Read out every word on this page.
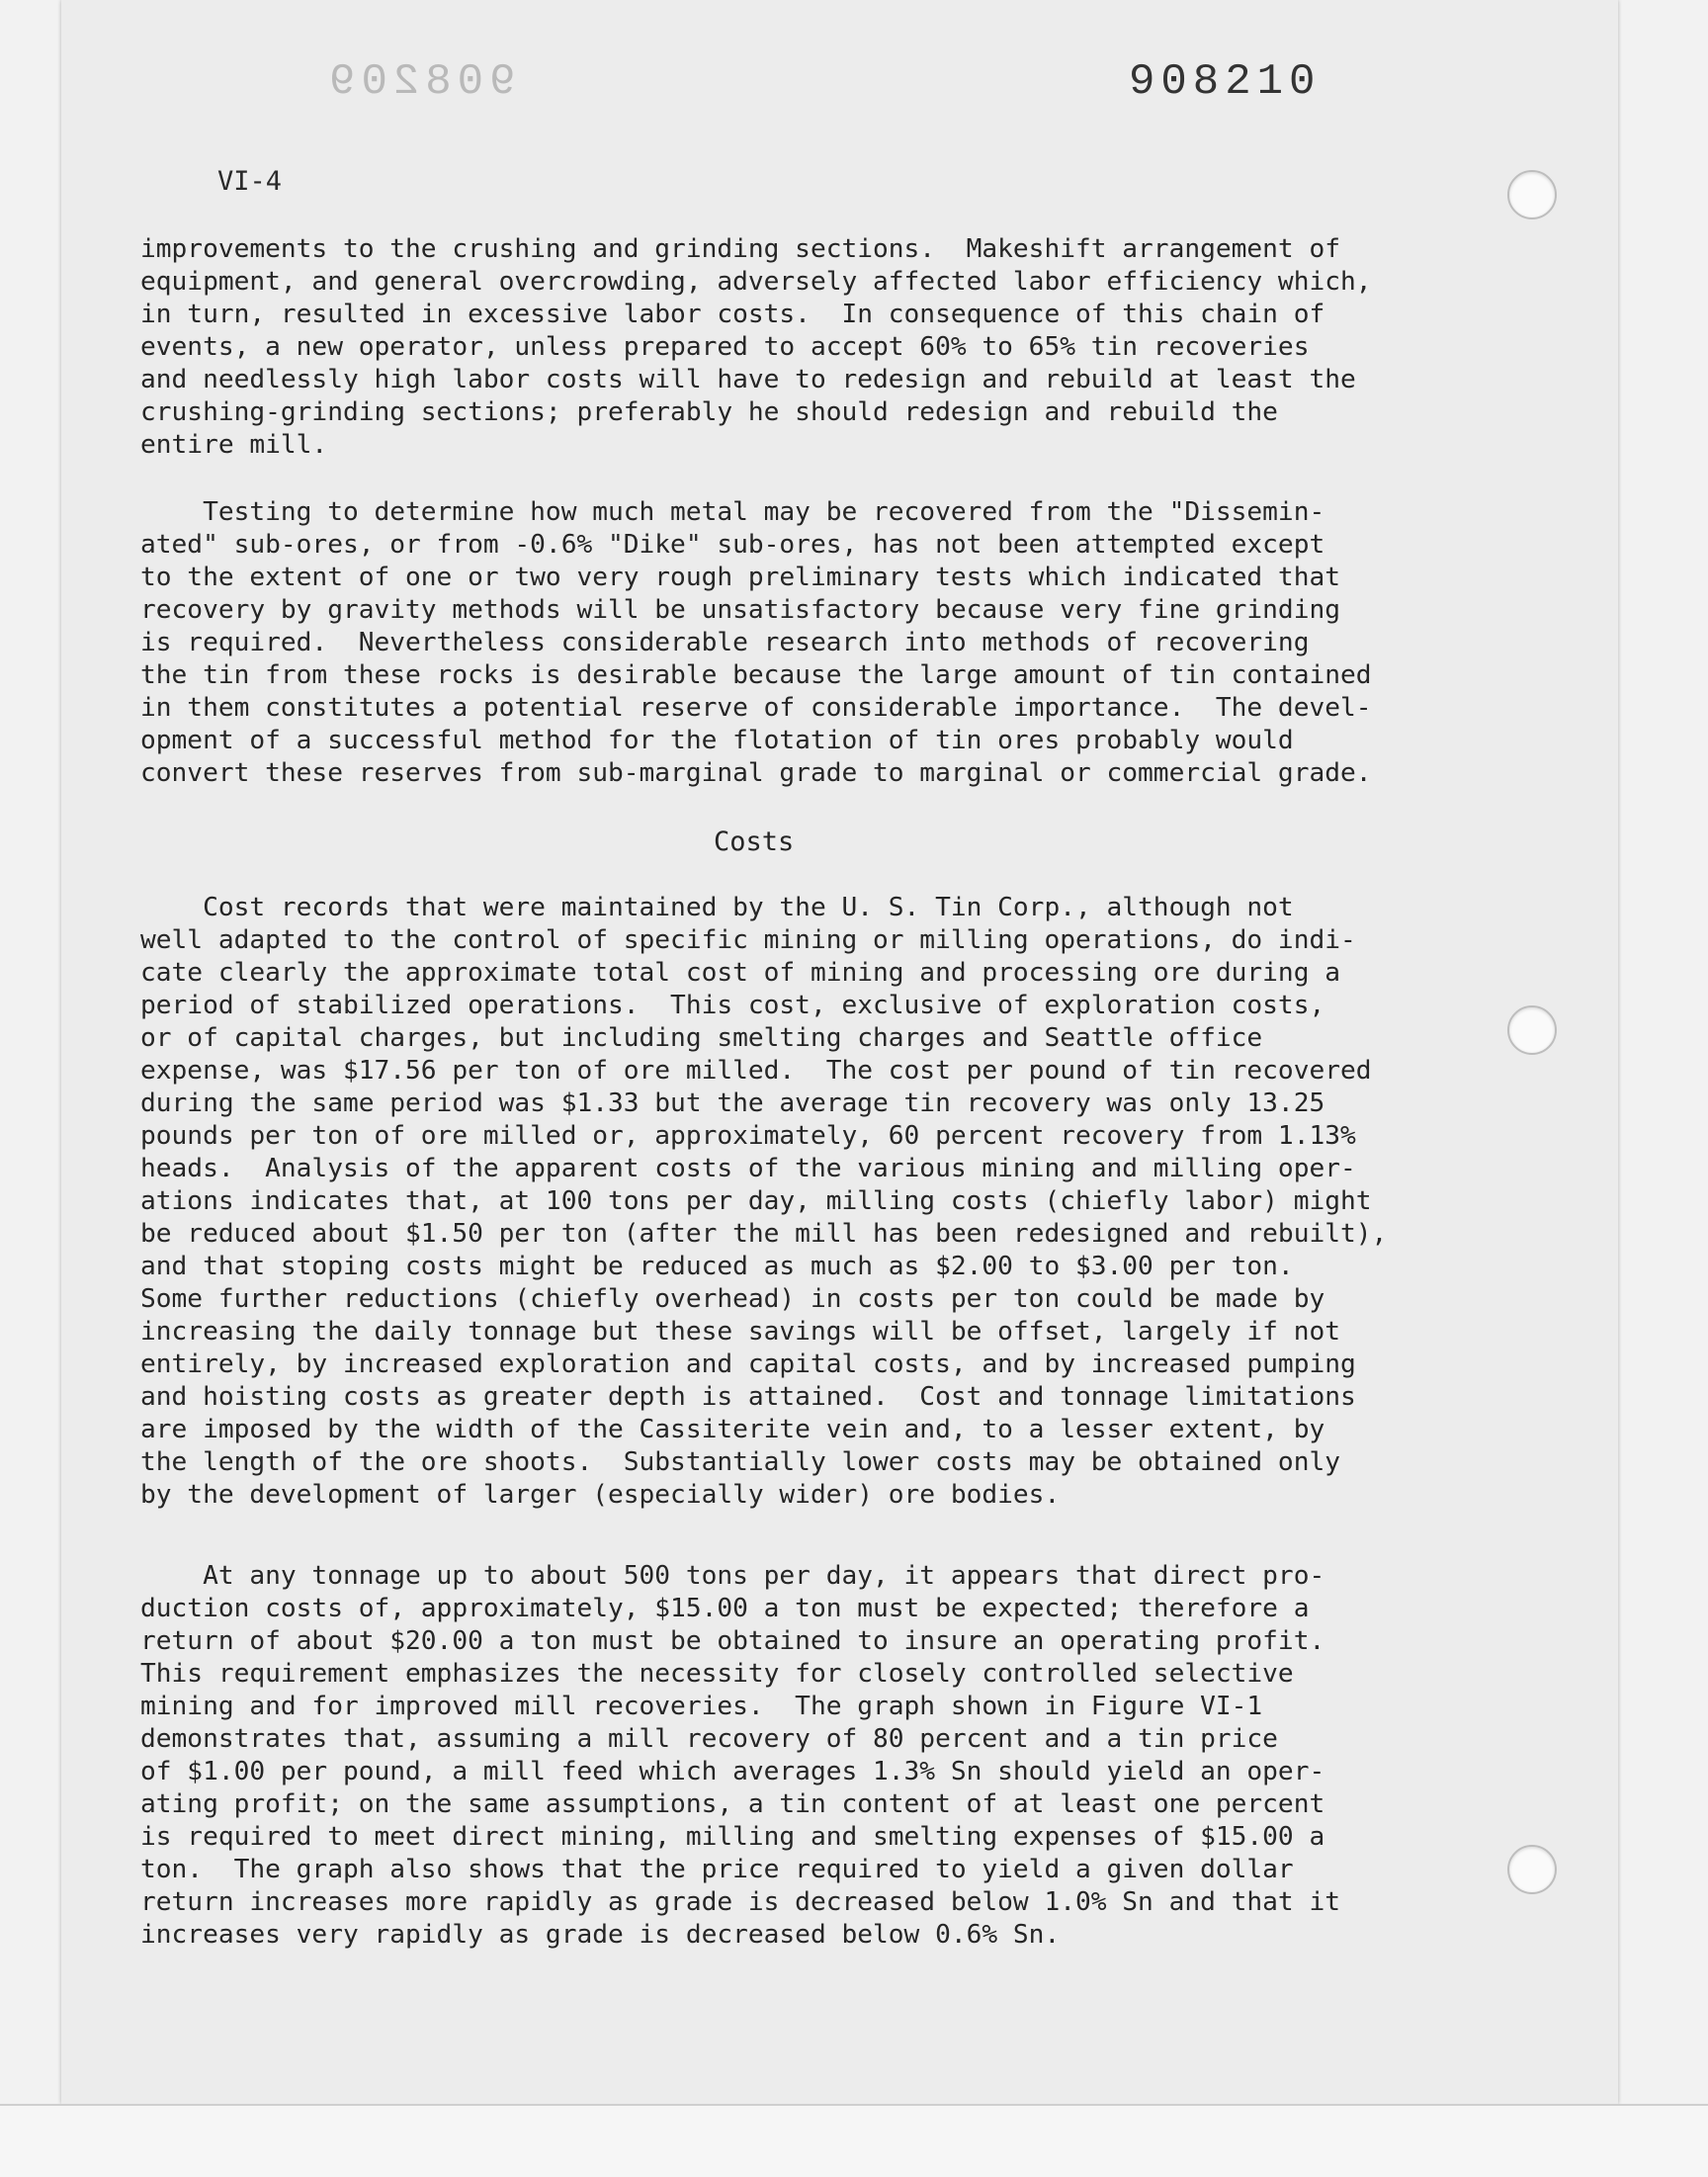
908209	908210
VI-4
improvements to the crushing and grinding sections.  Makeshift arrangement of
equipment, and general overcrowding, adversely affected labor efficiency which,
in turn, resulted in excessive labor costs.  In consequence of this chain of
events, a new operator, unless prepared to accept 60% to 65% tin recoveries
and needlessly high labor costs will have to redesign and rebuild at least the
crushing-grinding sections; preferably he should redesign and rebuild the
entire mill.
Testing to determine how much metal may be recovered from the "Dissemin-
ated" sub-ores, or from -0.6% "Dike" sub-ores, has not been attempted except
to the extent of one or two very rough preliminary tests which indicated that
recovery by gravity methods will be unsatisfactory because very fine grinding
is required.  Nevertheless considerable research into methods of recovering
the tin from these rocks is desirable because the large amount of tin contained
in them constitutes a potential reserve of considerable importance.  The devel-
opment of a successful method for the flotation of tin ores probably would
convert these reserves from sub-marginal grade to marginal or commercial grade.
Costs
Cost records that were maintained by the U. S. Tin Corp., although not
well adapted to the control of specific mining or milling operations, do indi-
cate clearly the approximate total cost of mining and processing ore during a
period of stabilized operations.  This cost, exclusive of exploration costs,
or of capital charges, but including smelting charges and Seattle office
expense, was $17.56 per ton of ore milled.  The cost per pound of tin recovered
during the same period was $1.33 but the average tin recovery was only 13.25
pounds per ton of ore milled or, approximately, 60 percent recovery from 1.13%
heads.  Analysis of the apparent costs of the various mining and milling oper-
ations indicates that, at 100 tons per day, milling costs (chiefly labor) might
be reduced about $1.50 per ton (after the mill has been redesigned and rebuilt),
and that stoping costs might be reduced as much as $2.00 to $3.00 per ton.
Some further reductions (chiefly overhead) in costs per ton could be made by
increasing the daily tonnage but these savings will be offset, largely if not
entirely, by increased exploration and capital costs, and by increased pumping
and hoisting costs as greater depth is attained.  Cost and tonnage limitations
are imposed by the width of the Cassiterite vein and, to a lesser extent, by
the length of the ore shoots.  Substantially lower costs may be obtained only
by the development of larger (especially wider) ore bodies.
At any tonnage up to about 500 tons per day, it appears that direct pro-
duction costs of, approximately, $15.00 a ton must be expected; therefore a
return of about $20.00 a ton must be obtained to insure an operating profit.
This requirement emphasizes the necessity for closely controlled selective
mining and for improved mill recoveries.  The graph shown in Figure VI-1
demonstrates that, assuming a mill recovery of 80 percent and a tin price
of $1.00 per pound, a mill feed which averages 1.3% Sn should yield an oper-
ating profit; on the same assumptions, a tin content of at least one percent
is required to meet direct mining, milling and smelting expenses of $15.00 a
ton.  The graph also shows that the price required to yield a given dollar
return increases more rapidly as grade is decreased below 1.0% Sn and that it
increases very rapidly as grade is decreased below 0.6% Sn.
